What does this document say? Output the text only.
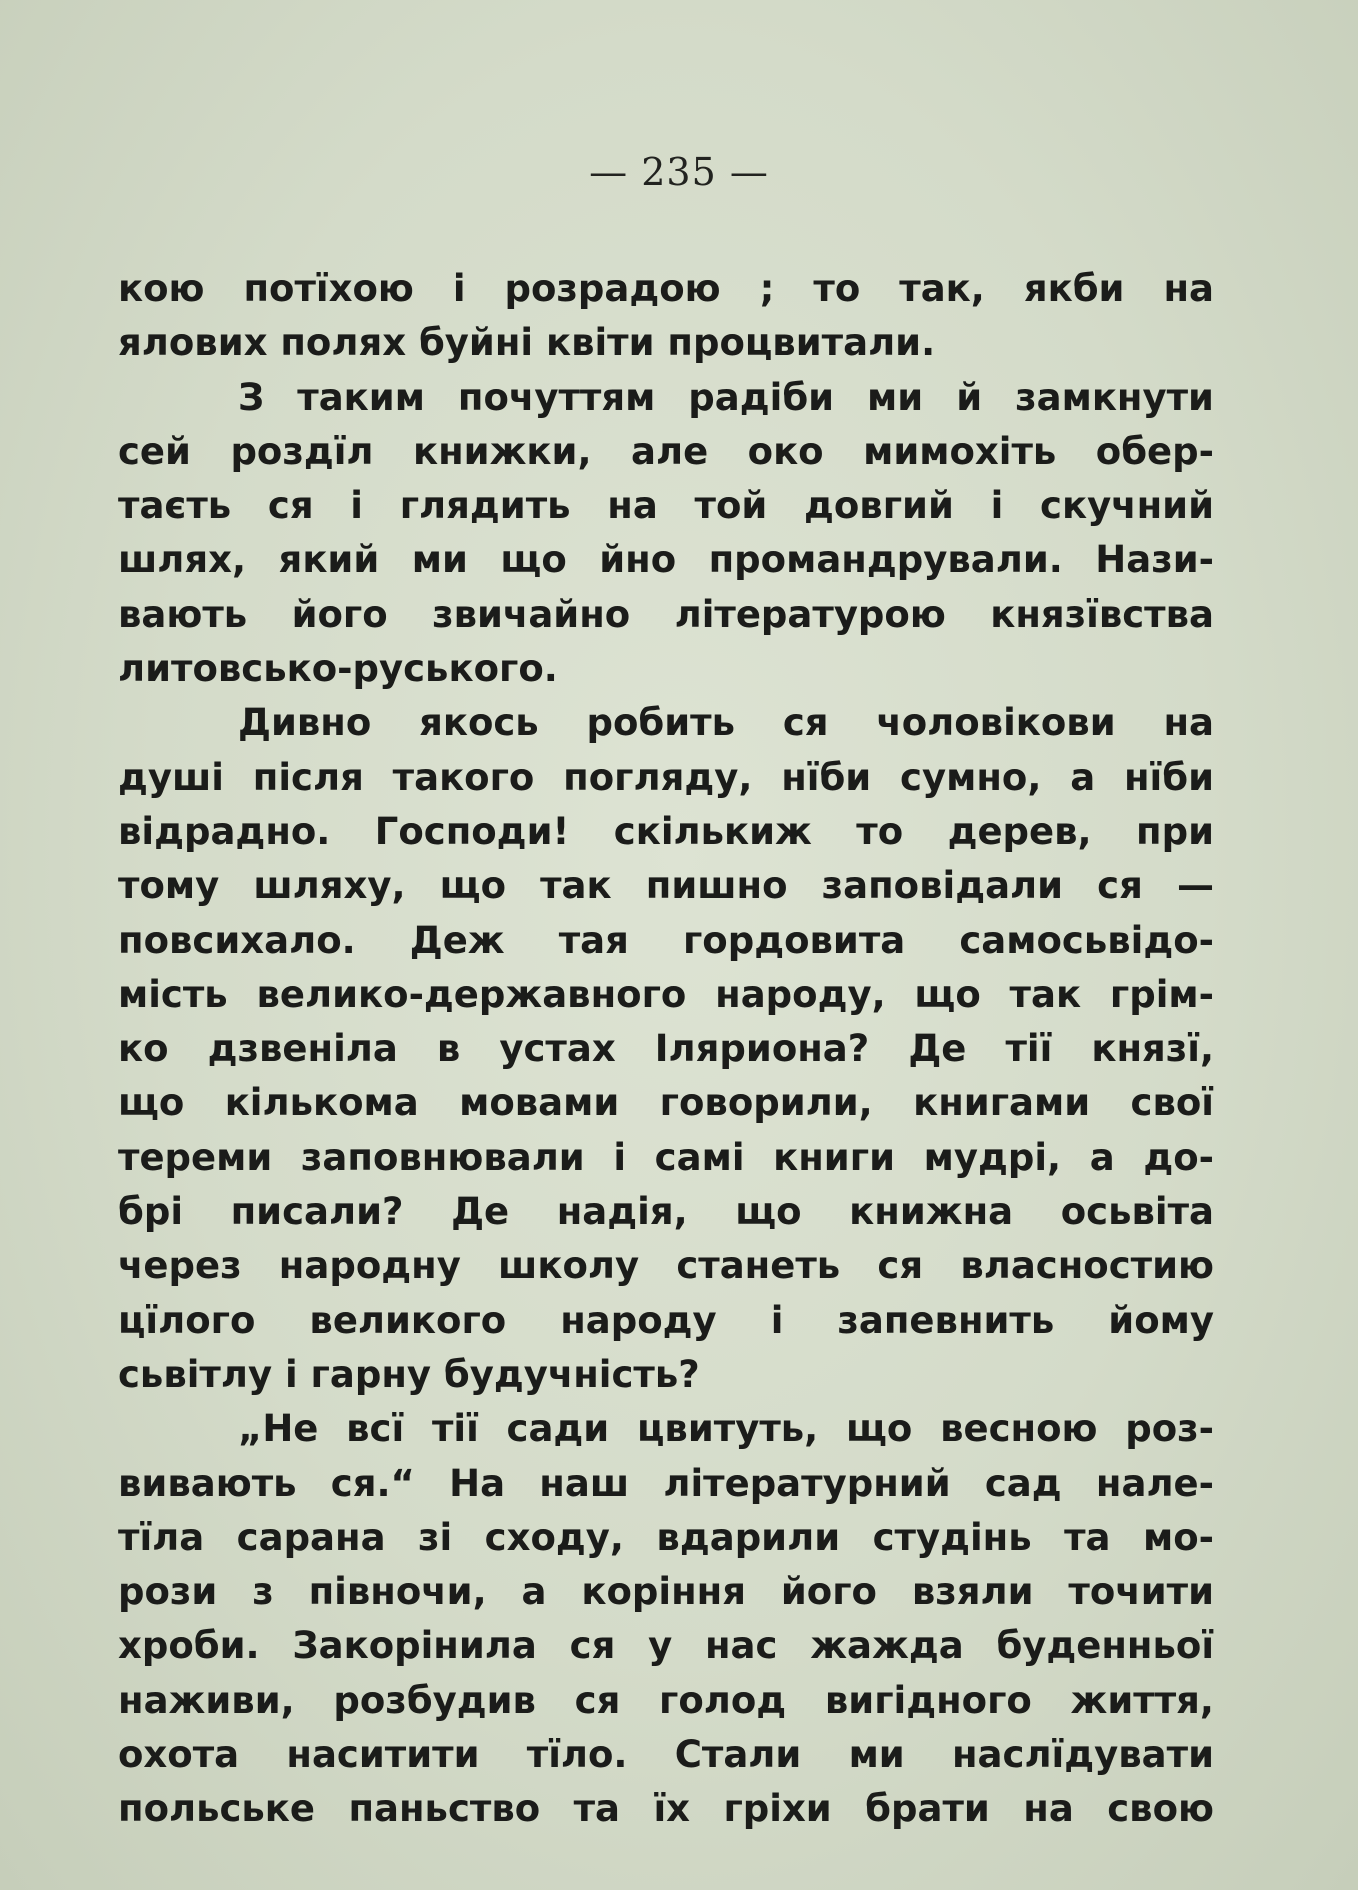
— 235 —
кою потїхою і розрадою ; то так, якби на
ялових полях буйні квіти процвитали.
З таким почуттям радіби ми й замкнути
сей роздїл книжки, але око мимохіть обер-
таєть ся і глядить на той довгий і скучний
шлях, який ми що йно промандрували. Нази-
вають його звичайно літературою князївства
литовсько-руського.
Дивно якось робить ся чоловікови на
душі після такого погляду, нїби сумно, а нїби
відрадно. Господи! скількиж то дерев, при
тому шляху, що так пишно заповідали ся —
повсихало. Деж тая гордовита самосьвідо-
мість велико-державного народу, що так грім-
ко дзвеніла в устах Іляриона? Де тії князї,
що кількома мовами говорили, книгами свої
тереми заповнювали і самі книги мудрі, а до-
брі писали? Де надія, що книжна осьвіта
через народну школу станеть ся власностию
цїлого великого народу і запевнить йому
сьвітлу і гарну будучність?
„Не всї тії сади цвитуть, що весною роз-
вивають ся.“ На наш літературний сад нале-
тїла сарана зі сходу, вдарили студінь та мо-
рози з півночи, а коріння його взяли точити
хроби. Закорінила ся у нас жажда буденньої
наживи, розбудив ся голод вигідного життя,
охота наситити тїло. Стали ми наслїдувати
польське паньство та їх гріхи брати на свою
